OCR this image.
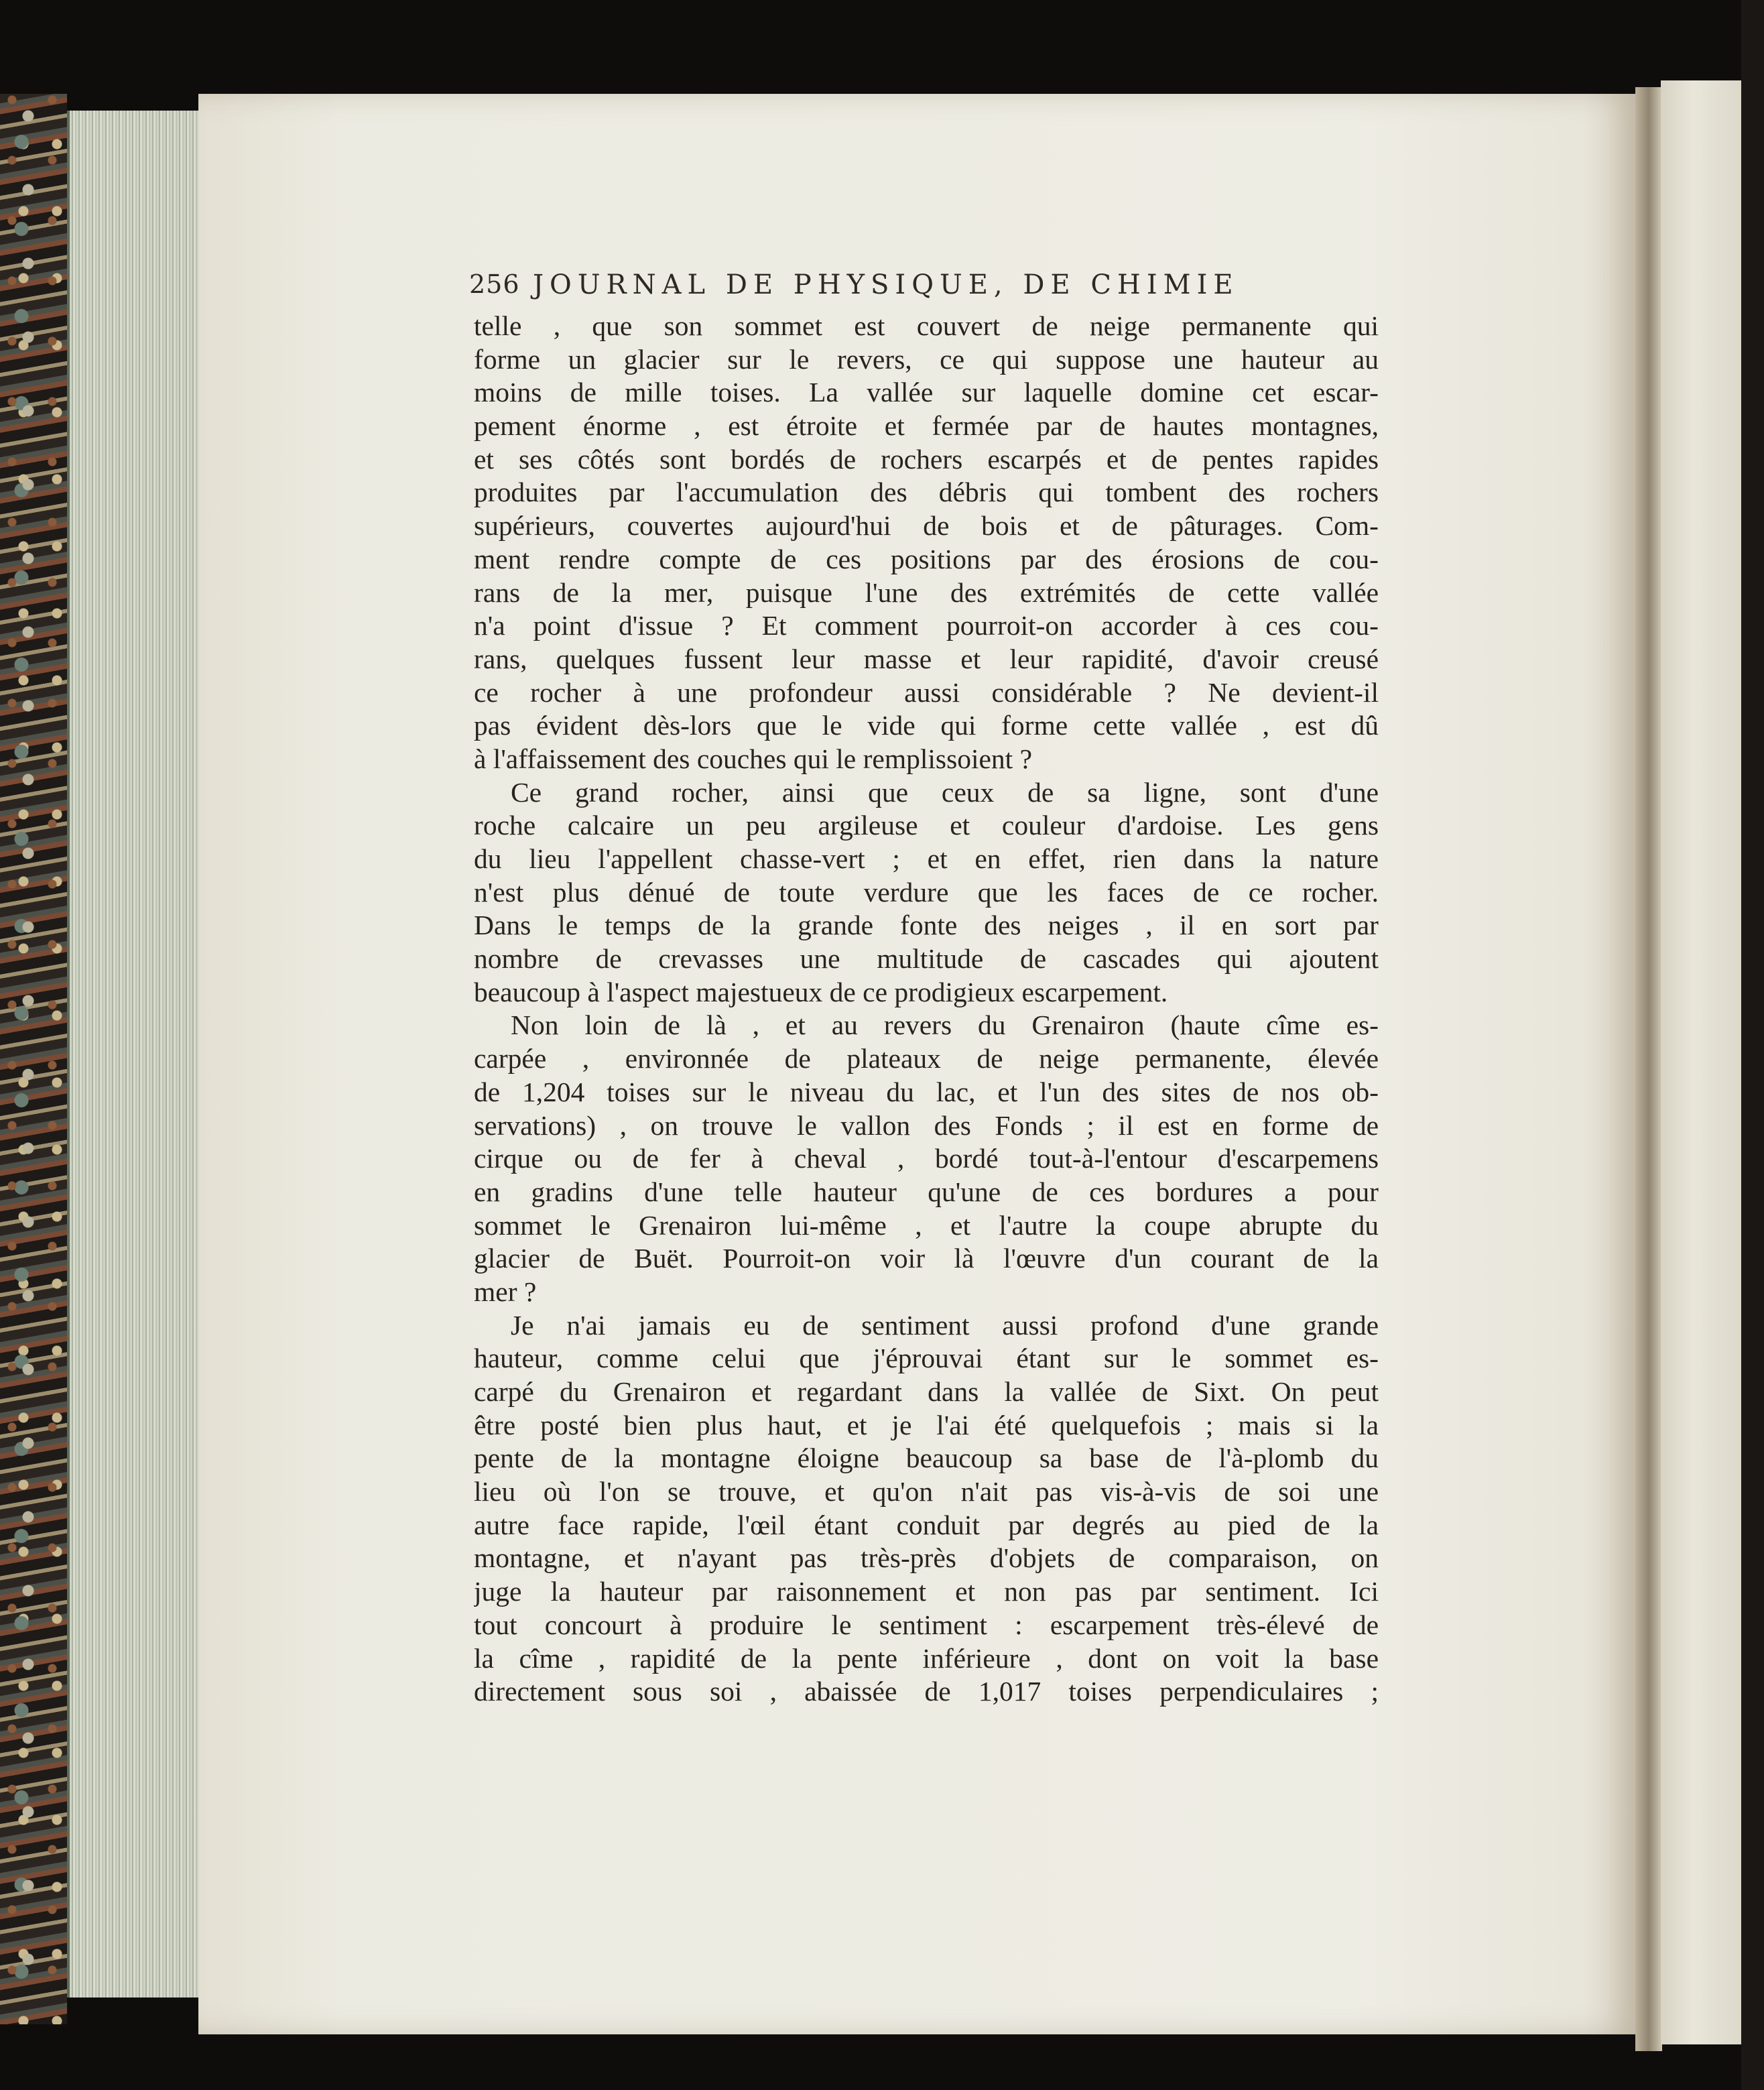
256 JOURNAL DE PHYSIQUE, DE CHIMIE
telle , que son sommet est couvert de neige permanente qui
forme un glacier sur le revers, ce qui suppose une hauteur au
moins de mille toises. La vallée sur laquelle domine cet escar-
pement énorme , est étroite et fermée par de hautes montagnes,
et ses côtés sont bordés de rochers escarpés et de pentes rapides
produites par l'accumulation des débris qui tombent des rochers
supérieurs, couvertes aujourd'hui de bois et de pâturages. Com-
ment rendre compte de ces positions par des érosions de cou-
rans de la mer, puisque l'une des extrémités de cette vallée
n'a point d'issue ? Et comment pourroit-on accorder à ces cou-
rans, quelques fussent leur masse et leur rapidité, d'avoir creusé
ce rocher à une profondeur aussi considérable ? Ne devient-il
pas évident dès-lors que le vide qui forme cette vallée , est dû
à l'affaissement des couches qui le remplissoient ?
Ce grand rocher, ainsi que ceux de sa ligne, sont d'une
roche calcaire un peu argileuse et couleur d'ardoise. Les gens
du lieu l'appellent chasse-vert ; et en effet, rien dans la nature
n'est plus dénué de toute verdure que les faces de ce rocher.
Dans le temps de la grande fonte des neiges , il en sort par
nombre de crevasses une multitude de cascades qui ajoutent
beaucoup à l'aspect majestueux de ce prodigieux escarpement.
Non loin de là , et au revers du Grenairon (haute cîme es-
carpée , environnée de plateaux de neige permanente, élevée
de 1,204 toises sur le niveau du lac, et l'un des sites de nos ob-
servations) , on trouve le vallon des Fonds ; il est en forme de
cirque ou de fer à cheval , bordé tout-à-l'entour d'escarpemens
en gradins d'une telle hauteur qu'une de ces bordures a pour
sommet le Grenairon lui-même , et l'autre la coupe abrupte du
glacier de Buët. Pourroit-on voir là l'œuvre d'un courant de la
mer ?
Je n'ai jamais eu de sentiment aussi profond d'une grande
hauteur, comme celui que j'éprouvai étant sur le sommet es-
carpé du Grenairon et regardant dans la vallée de Sixt. On peut
être posté bien plus haut, et je l'ai été quelquefois ; mais si la
pente de la montagne éloigne beaucoup sa base de l'à-plomb du
lieu où l'on se trouve, et qu'on n'ait pas vis-à-vis de soi une
autre face rapide, l'œil étant conduit par degrés au pied de la
montagne, et n'ayant pas très-près d'objets de comparaison, on
juge la hauteur par raisonnement et non pas par sentiment. Ici
tout concourt à produire le sentiment : escarpement très-élevé de
la cîme , rapidité de la pente inférieure , dont on voit la base
directement sous soi , abaissée de 1,017 toises perpendiculaires ;
